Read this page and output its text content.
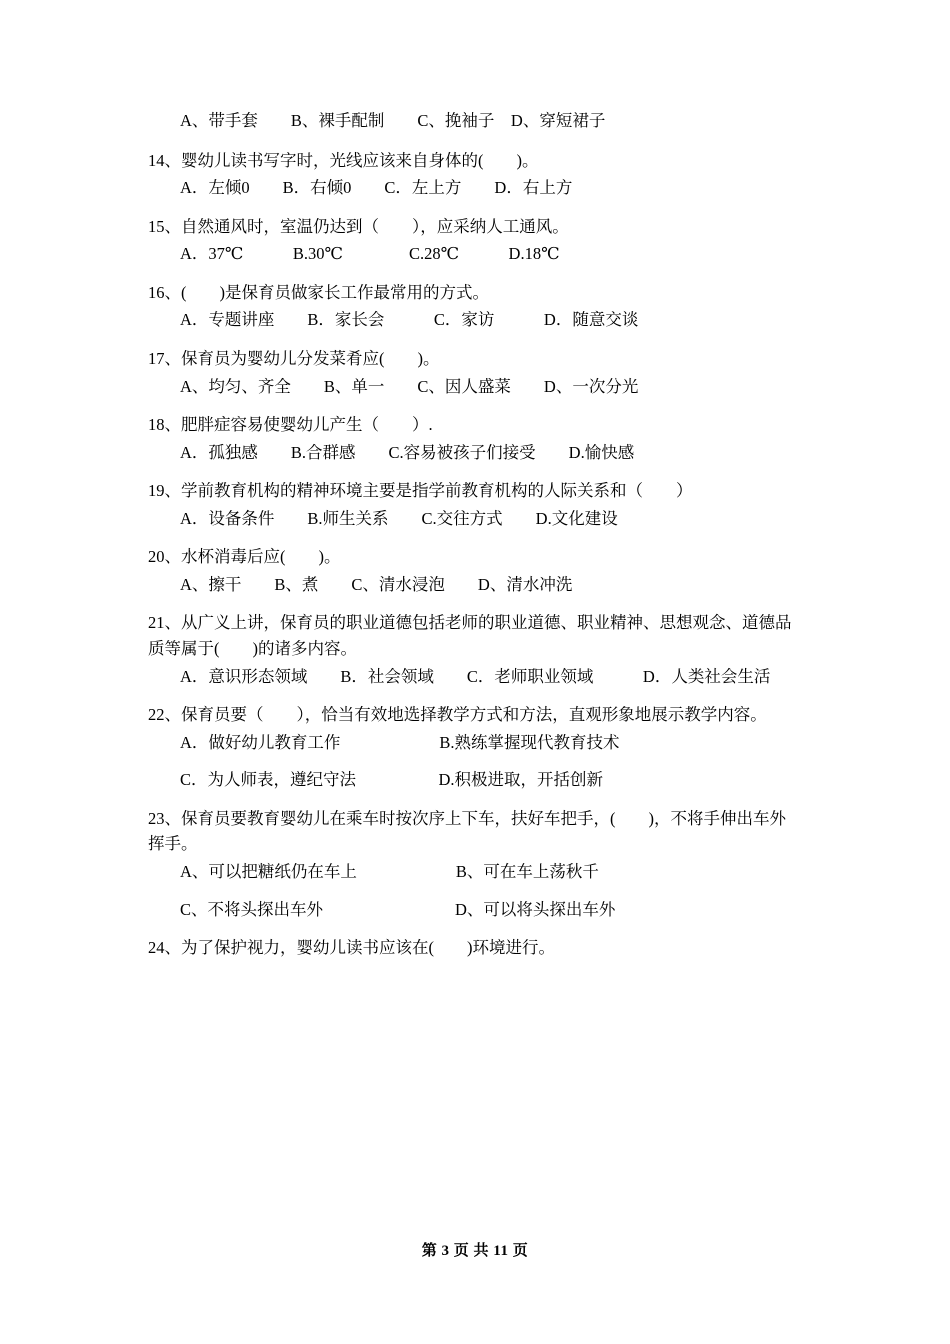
A、带手套　　B、裸手配制　　C、挽袖子　D、穿短裙子

14、婴幼儿读书写字时，光线应该来自身体的(　　)。

A．左倾0　　B．右倾0　　C．左上方　　D．右上方

15、自然通风时，室温仍达到（　　），应采纳人工通风。

A．37℃　　　B.30℃　　　　C.28℃　　　D.18℃

16、(　　)是保育员做家长工作最常用的方式。

A．专题讲座　　B．家长会　　　C．家访　　　D．随意交谈

17、保育员为婴幼儿分发菜肴应(　　)。

A、均匀、齐全　　B、单一　　C、因人盛菜　　D、一次分光

18、肥胖症容易使婴幼儿产生（　　）.

A．孤独感　　B.合群感　　C.容易被孩子们接受　　D.愉快感

19、学前教育机构的精神环境主要是指学前教育机构的人际关系和（　　）

A．设备条件　　B.师生关系　　C.交往方式　　D.文化建设

20、水杯消毒后应(　　)。

A、擦干　　B、煮　　C、清水浸泡　　D、清水冲洗

21、从广义上讲，保育员的职业道德包括老师的职业道德、职业精神、思想观念、道德品质等属于(　　)的诸多内容。

A．意识形态领域　　B．社会领域　　C．老师职业领域　　　D．人类社会生活

22、保育员要（　　），恰当有效地选择教学方式和方法，直观形象地展示教学内容。

A．做好幼儿教育工作　　　　　　B.熟练掌握现代教育技术
C．为人师表，遵纪守法　　　　　D.积极进取，开括创新

23、保育员要教育婴幼儿在乘车时按次序上下车，扶好车把手，(　　)，不将手伸出车外挥手。

A、可以把糖纸仍在车上　　　　　　B、可在车上荡秋千
C、不将头探出车外　　　　　　　　D、可以将头探出车外

24、为了保护视力，婴幼儿读书应该在(　　)环境进行。

第 3 页 共 11 页
